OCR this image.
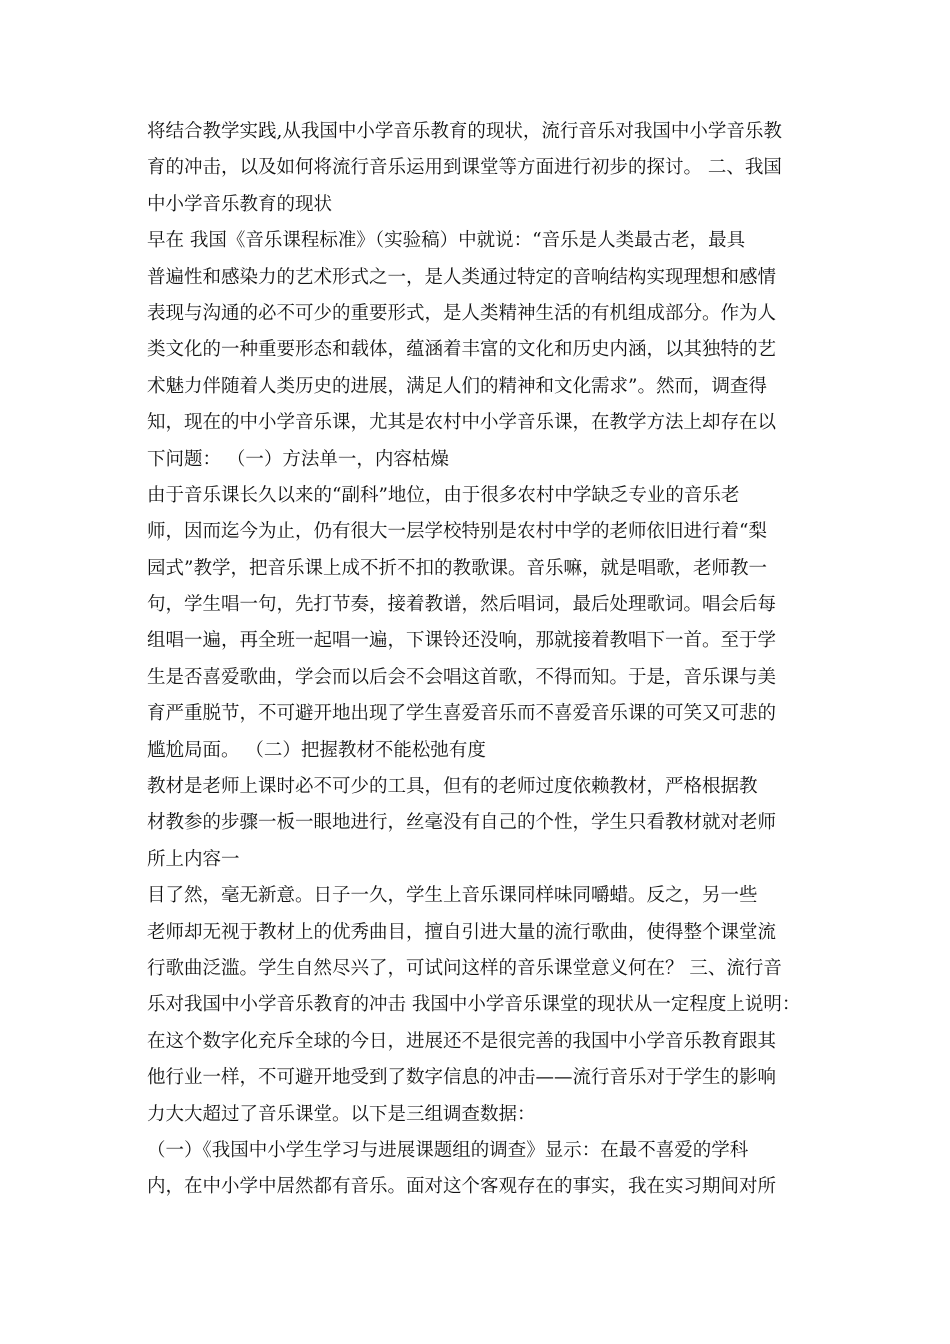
将结合教学实践,从我国中小学音乐教育的现状，流行音乐对我国中小学音乐教
育的冲击，以及如何将流行音乐运用到课堂等方面进行初步的探讨。 二、我国
中小学音乐教育的现状
早在 我国《音乐课程标准》（实验稿）中就说：“音乐是人类最古老，最具
普遍性和感染力的艺术形式之一，是人类通过特定的音响结构实现理想和感情
表现与沟通的必不可少的重要形式，是人类精神生活的有机组成部分。作为人
类文化的一种重要形态和载体，蕴涵着丰富的文化和历史内涵，以其独特的艺
术魅力伴随着人类历史的进展，满足人们的精神和文化需求”。然而，调查得
知，现在的中小学音乐课，尤其是农村中小学音乐课，在教学方法上却存在以
下问题： （一）方法单一，内容枯燥
由于音乐课长久以来的“副科”地位，由于很多农村中学缺乏专业的音乐老
师，因而迄今为止，仍有很大一层学校特别是农村中学的老师依旧进行着“梨
园式”教学，把音乐课上成不折不扣的教歌课。音乐嘛，就是唱歌，老师教一
句，学生唱一句，先打节奏，接着教谱，然后唱词，最后处理歌词。唱会后每
组唱一遍，再全班一起唱一遍，下课铃还没响，那就接着教唱下一首。至于学
生是否喜爱歌曲，学会而以后会不会唱这首歌，不得而知。于是，音乐课与美
育严重脱节，不可避开地出现了学生喜爱音乐而不喜爱音乐课的可笑又可悲的
尴尬局面。 （二）把握教材不能松弛有度
教材是老师上课时必不可少的工具，但有的老师过度依赖教材，严格根据教
材教参的步骤一板一眼地进行，丝毫没有自己的个性，学生只看教材就对老师
所上内容一
目了然，毫无新意。日子一久，学生上音乐课同样味同嚼蜡。反之，另一些
老师却无视于教材上的优秀曲目，擅自引进大量的流行歌曲，使得整个课堂流
行歌曲泛滥。学生自然尽兴了，可试问这样的音乐课堂意义何在？ 三、流行音
乐对我国中小学音乐教育的冲击 我国中小学音乐课堂的现状从一定程度上说明：
在这个数字化充斥全球的今日，进展还不是很完善的我国中小学音乐教育跟其
他行业一样，不可避开地受到了数字信息的冲击——流行音乐对于学生的影响
力大大超过了音乐课堂。以下是三组调查数据：
（一）《我国中小学生学习与进展课题组的调查》显示：在最不喜爱的学科
内，在中小学中居然都有音乐。面对这个客观存在的事实，我在实习期间对所
